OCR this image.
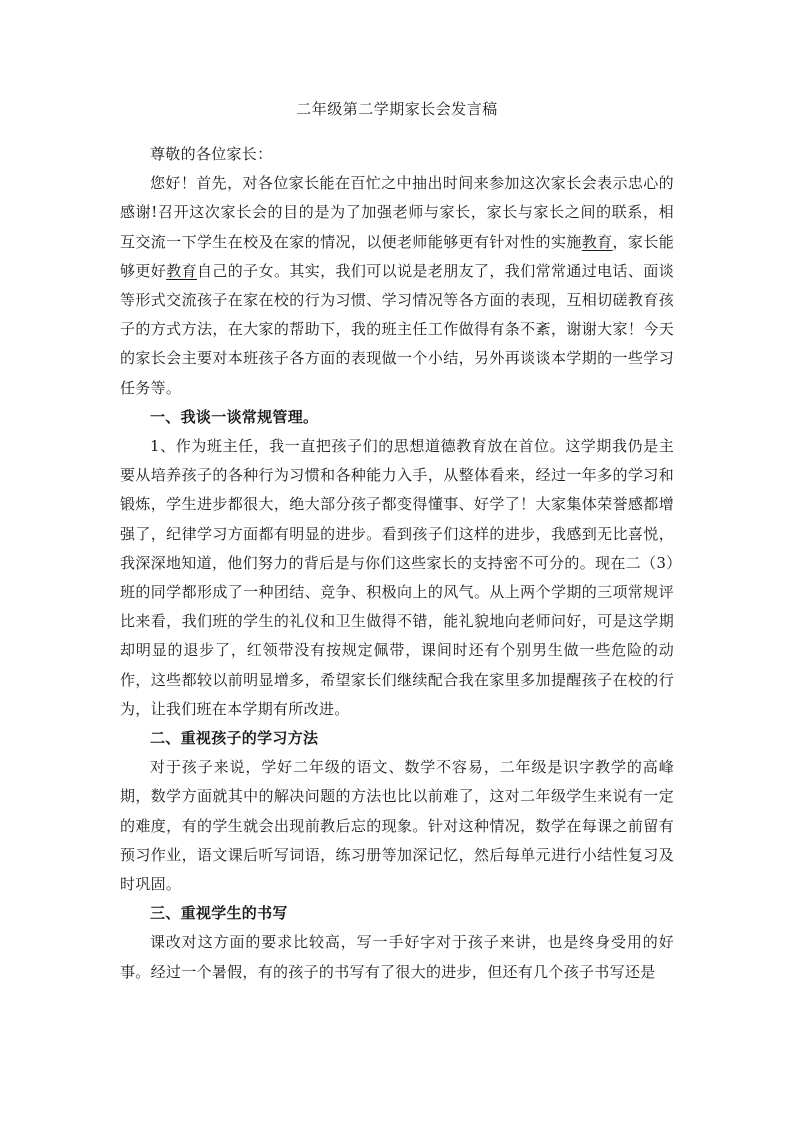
二年级第二学期家长会发言稿

尊敬的各位家长：

您好！首先，对各位家长能在百忙之中抽出时间来参加这次家长会表示忠心的感谢!召开这次家长会的目的是为了加强老师与家长，家长与家长之间的联系，相互交流一下学生在校及在家的情况，以便老师能够更有针对性的实施教育，家长能够更好教育自己的子女。其实，我们可以说是老朋友了，我们常常通过电话、面谈等形式交流孩子在家在校的行为习惯、学习情况等各方面的表现，互相切磋教育孩子的方式方法，在大家的帮助下，我的班主任工作做得有条不紊，谢谢大家！今天的家长会主要对本班孩子各方面的表现做一个小结，另外再谈谈本学期的一些学习任务等。

一、我谈一谈常规管理。

1、作为班主任，我一直把孩子们的思想道德教育放在首位。这学期我仍是主要从培养孩子的各种行为习惯和各种能力入手，从整体看来，经过一年多的学习和锻炼，学生进步都很大，绝大部分孩子都变得懂事、好学了！大家集体荣誉感都增强了，纪律学习方面都有明显的进步。看到孩子们这样的进步，我感到无比喜悦，我深深地知道，他们努力的背后是与你们这些家长的支持密不可分的。现在二（3）班的同学都形成了一种团结、竞争、积极向上的风气。从上两个学期的三项常规评比来看，我们班的学生的礼仪和卫生做得不错，能礼貌地向老师问好，可是这学期却明显的退步了，红领带没有按规定佩带，课间时还有个别男生做一些危险的动作，这些都较以前明显增多，希望家长们继续配合我在家里多加提醒孩子在校的行为，让我们班在本学期有所改进。

二、重视孩子的学习方法

对于孩子来说，学好二年级的语文、数学不容易，二年级是识字教学的高峰期，数学方面就其中的解决问题的方法也比以前难了，这对二年级学生来说有一定的难度，有的学生就会出现前教后忘的现象。针对这种情况，数学在每课之前留有预习作业，语文课后听写词语，练习册等加深记忆，然后每单元进行小结性复习及时巩固。

三、重视学生的书写

课改对这方面的要求比较高，写一手好字对于孩子来讲，也是终身受用的好事。经过一个暑假，有的孩子的书写有了很大的进步，但还有几个孩子书写还是
